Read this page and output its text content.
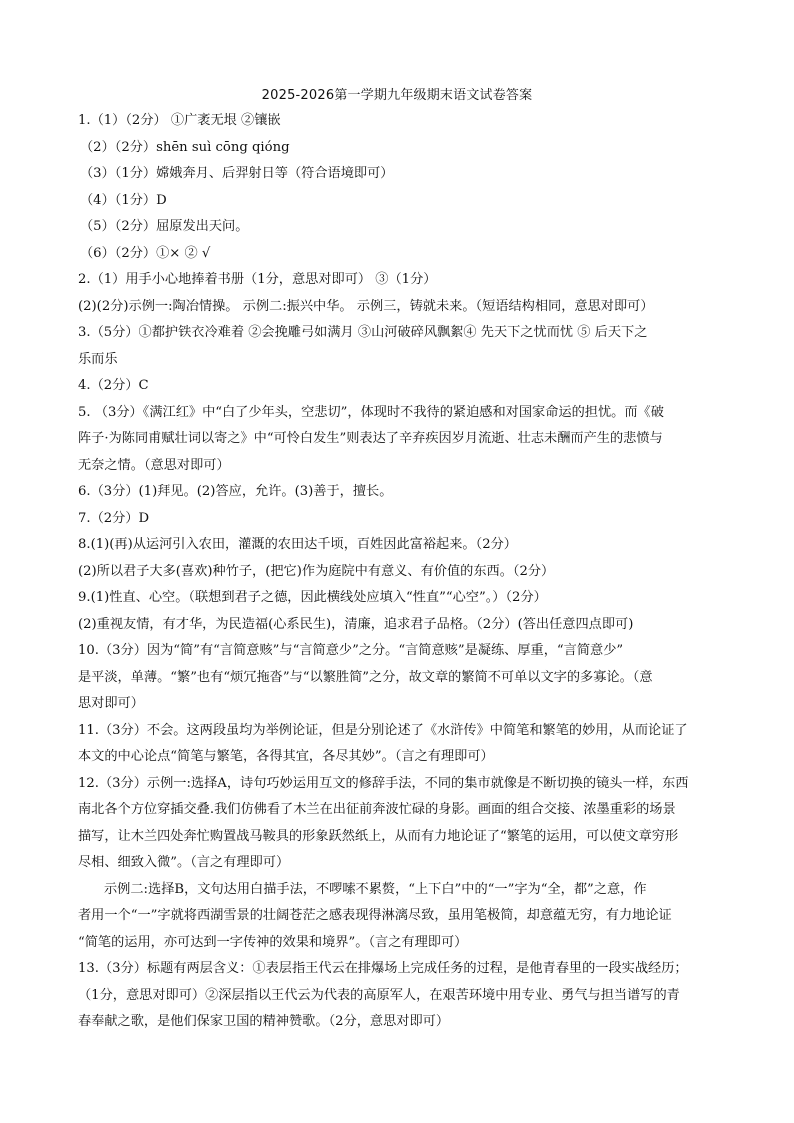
2025-2026第一学期九年级期末语文试卷答案
1.（1）（2分） ①广袤无垠 ②镶嵌
（2）（2分）shēn suì cōng qióng
（3）（1分）嫦娥奔月、后羿射日等（符合语境即可）
（4）（1分）D
（5）（2分）屈原发出天问。
（6）（2分）①× ② √
2.（1）用手小心地捧着书册（1分，意思对即可） ③（1分）
(2)(2分)示例一:陶冶情操。 示例二:振兴中华。 示例三，铸就未来。（短语结构相同，意思对即可）
3.（5分）①都护铁衣冷难着 ②会挽雕弓如满月 ③山河破碎风飘絮④ 先天下之忧而忧 ⑤ 后天下之
乐而乐
4.（2分）C
5. （3分）《满江红》中“白了少年头，空悲切”，体现时不我待的紧迫感和对国家命运的担忧。而《破
阵子·为陈同甫赋壮词以寄之》中“可怜白发生”则表达了辛弃疾因岁月流逝、壮志未酬而产生的悲愤与
无奈之情。（意思对即可）
6.（3分）(1)拜见。(2)答应，允许。(3)善于，擅长。
7.（2分）D
8.(1)(再)从运河引入农田，灌溉的农田达千顷，百姓因此富裕起来。（2分）
(2)所以君子大多(喜欢)种竹子，(把它)作为庭院中有意义、有价值的东西。（2分）
9.(1)性直、心空。（联想到君子之德，因此横线处应填入“性直”“心空”。）（2分）
(2)重视友情，有才华，为民造福(心系民生)，清廉，追求君子品格。（2分）(答出任意四点即可)
10.（3分）因为“简”有“言简意赅”与“言简意少”之分。“言简意赅”是凝练、厚重，“言简意少”
是平淡，单薄。“繁”也有“烦冗拖沓”与“以繁胜简”之分，故文章的繁简不可单以文字的多寡论。（意
思对即可）
11.（3分）不会。这两段虽均为举例论证，但是分别论述了《水浒传》中简笔和繁笔的妙用，从而论证了
本文的中心论点“简笔与繁笔，各得其宜，各尽其妙”。（言之有理即可）
12.（3分）示例一:选择A，诗句巧妙运用互文的修辞手法，不同的集市就像是不断切换的镜头一样，东西
南北各个方位穿插交叠.我们仿佛看了木兰在出征前奔波忙碌的身影。画面的组合交接、浓墨重彩的场景
描写，让木兰四处奔忙购置战马鞍具的形象跃然纸上，从而有力地论证了“繁笔的运用，可以使文章穷形
尽相、细致入微”。（言之有理即可）
示例二:选择B，文句达用白描手法，不啰嗦不累赘，“上下白”中的“一”字为“全，都”之意，作
者用一个“一”字就将西湖雪景的壮阔苍茫之感表现得淋漓尽致，虽用笔极简，却意蕴无穷，有力地论证
“简笔的运用，亦可达到一字传神的效果和境界”。（言之有理即可）
13.（3分）标题有两层含义：①表层指王代云在排爆场上完成任务的过程，是他青春里的一段实战经历；
（1分，意思对即可）②深层指以王代云为代表的高原军人，在艰苦环境中用专业、勇气与担当谱写的青
春奉献之歌，是他们保家卫国的精神赞歌。（2分，意思对即可）
